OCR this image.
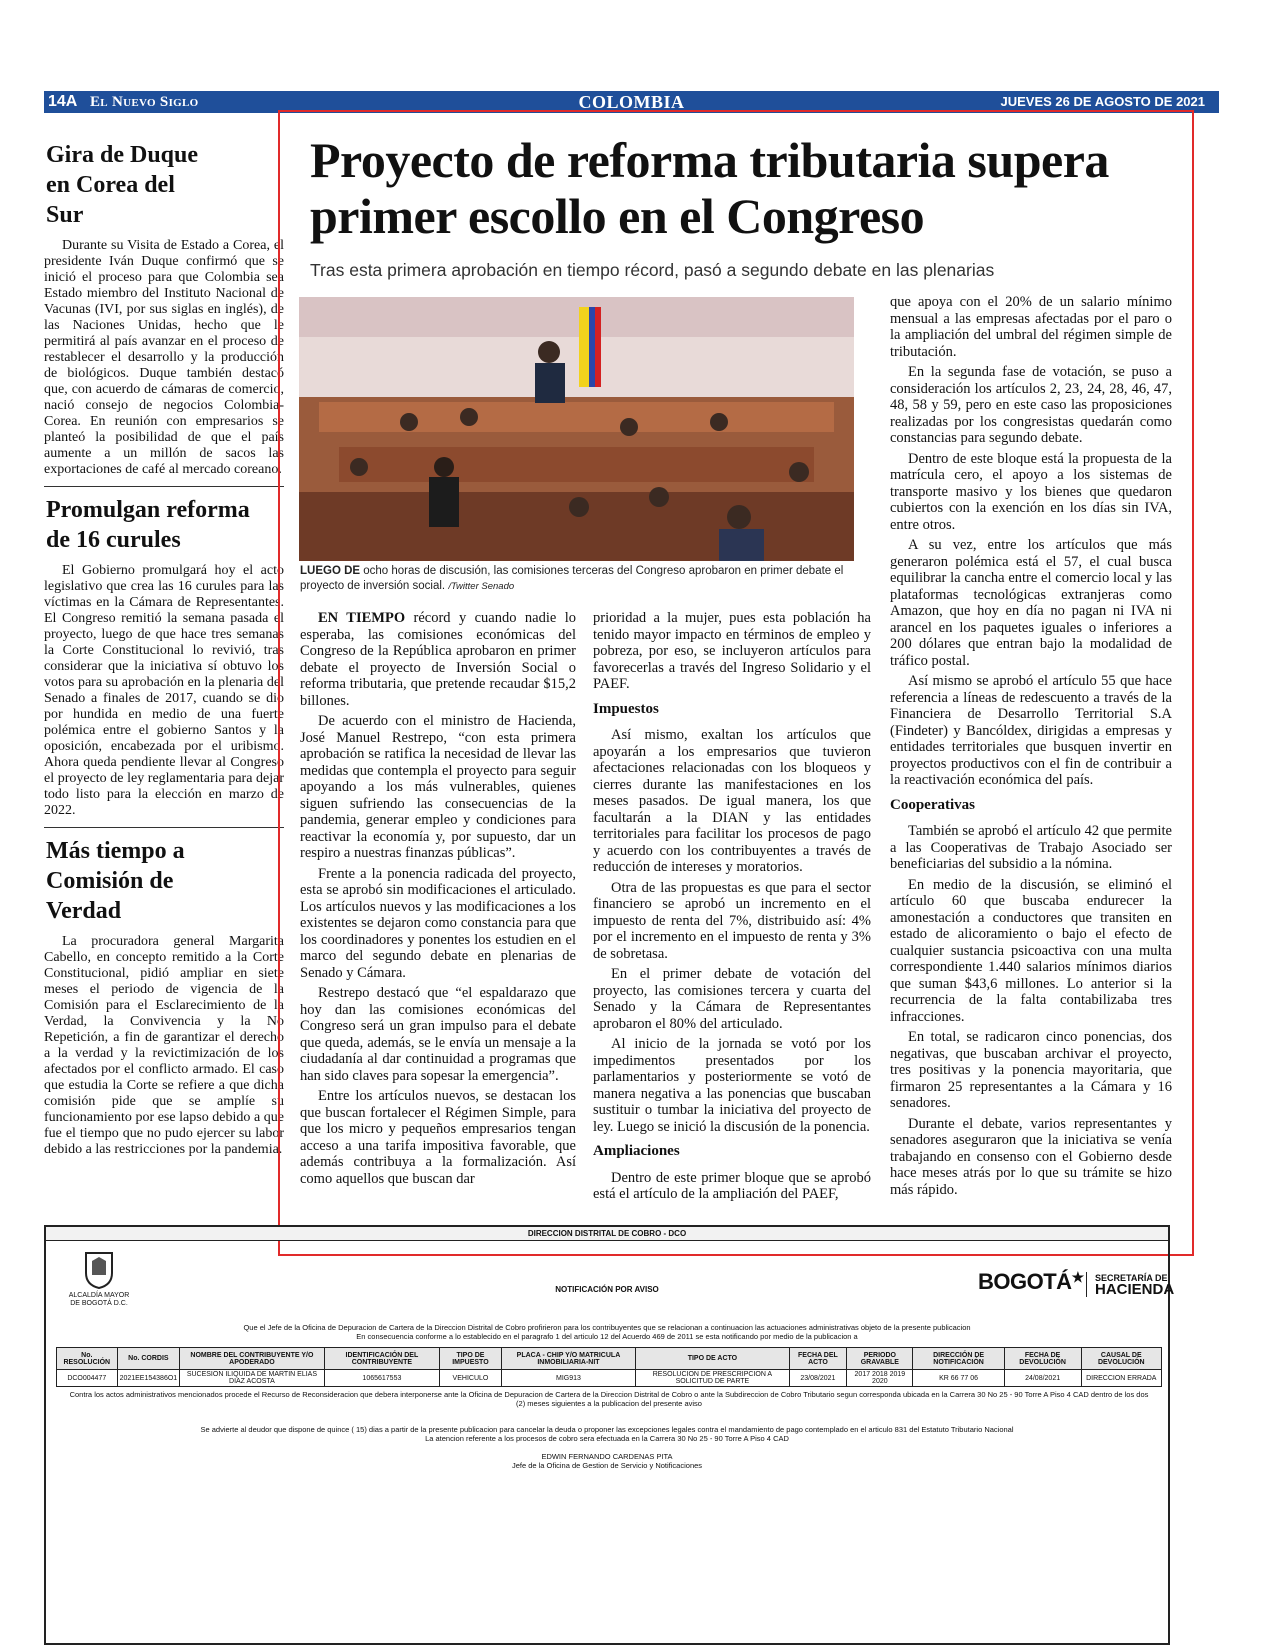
14A El Nuevo Siglo	COLOMBIA	JUEVES 26 DE AGOSTO DE 2021
Gira de Duque en Corea del Sur

Durante su Visita de Estado a Corea, el presidente Iván Duque confirmó que se inició el proceso para que Colombia sea Estado miembro del Instituto Nacional de Vacunas (IVI, por sus siglas en inglés), de las Naciones Unidas, hecho que le permitirá al país avanzar en el proceso de restablecer el desarrollo y la producción de biológicos. Duque también destacó que, con acuerdo de cámaras de comercio, nació consejo de negocios Colombia-Corea. En reunión con empresarios se planteó la posibilidad de que el país aumente a un millón de sacos las exportaciones de café al mercado coreano.

Promulgan reforma de 16 curules

El Gobierno promulgará hoy el acto legislativo que crea las 16 curules para las víctimas en la Cámara de Representantes. El Congreso remitió la semana pasada el proyecto, luego de que hace tres semanas la Corte Constitucional lo revivió, tras considerar que la iniciativa sí obtuvo los votos para su aprobación en la plenaria del Senado a finales de 2017, cuando se dio por hundida en medio de una fuerte polémica entre el gobierno Santos y la oposición, encabezada por el uribismo. Ahora queda pendiente llevar al Congreso el proyecto de ley reglamentaria para dejar todo listo para la elección en marzo de 2022.

Más tiempo a Comisión de Verdad

La procuradora general Margarita Cabello, en concepto remitido a la Corte Constitucional, pidió ampliar en siete meses el periodo de vigencia de la Comisión para el Esclarecimiento de la Verdad, la Convivencia y la No Repetición, a fin de garantizar el derecho a la verdad y la revictimización de los afectados por el conflicto armado. El caso que estudia la Corte se refiere a que dicha comisión pide que se amplíe su funcionamiento por ese lapso debido a que fue el tiempo que no pudo ejercer su labor debido a las restricciones por la pandemia.

Proyecto de reforma tributaria supera primer escollo en el Congreso
Tras esta primera aprobación en tiempo récord, pasó a segundo debate en las plenarias
LUEGO DE ocho horas de discusión, las comisiones terceras del Congreso aprobaron en primer debate el proyecto de inversión social. /Twitter Senado

EN TIEMPO récord y cuando nadie lo esperaba, las comisiones económicas del Congreso de la República aprobaron en primer debate el proyecto de Inversión Social o reforma tributaria, que pretende recaudar $15,2 billones.

De acuerdo con el ministro de Hacienda, José Manuel Restrepo, “con esta primera aprobación se ratifica la necesidad de llevar las medidas que contempla el proyecto para seguir apoyando a los más vulnerables, quienes siguen sufriendo las consecuencias de la pandemia, generar empleo y condiciones para reactivar la economía y, por supuesto, dar un respiro a nuestras finanzas públicas”.

Frente a la ponencia radicada del proyecto, esta se aprobó sin modificaciones el articulado. Los artículos nuevos y las modificaciones a los existentes se dejaron como constancia para que los coordinadores y ponentes los estudien en el marco del segundo debate en plenarias de Senado y Cámara.

Restrepo destacó que “el espaldarazo que hoy dan las comisiones económicas del Congreso será un gran impulso para el debate que queda, además, se le envía un mensaje a la ciudadanía al dar continuidad a programas que han sido claves para sopesar la emergencia”.

Entre los artículos nuevos, se destacan los que buscan fortalecer el Régimen Simple, para que los micro y pequeños empresarios tengan acceso a una tarifa impositiva favorable, que además contribuya a la formalización. Así como aquellos que buscan dar

prioridad a la mujer, pues esta población ha tenido mayor impacto en términos de empleo y pobreza, por eso, se incluyeron artículos para favorecerlas a través del Ingreso Solidario y el PAEF.

Impuestos

Así mismo, exaltan los artículos que apoyarán a los empresarios que tuvieron afectaciones relacionadas con los bloqueos y cierres durante las manifestaciones en los meses pasados. De igual manera, los que facultarán a la DIAN y las entidades territoriales para facilitar los procesos de pago y acuerdo con los contribuyentes a través de reducción de intereses y moratorios.

Otra de las propuestas es que para el sector financiero se aprobó un incremento en el impuesto de renta del 7%, distribuido así: 4% por el incremento en el impuesto de renta y 3% de sobretasa.

En el primer debate de votación del proyecto, las comisiones tercera y cuarta del Senado y la Cámara de Representantes aprobaron el 80% del articulado.

Al inicio de la jornada se votó por los impedimentos presentados por los parlamentarios y posteriormente se votó de manera negativa a las ponencias que buscaban sustituir o tumbar la iniciativa del proyecto de ley. Luego se inició la discusión de la ponencia.

Ampliaciones

Dentro de este primer bloque que se aprobó está el artículo de la ampliación del PAEF,

que apoya con el 20% de un salario mínimo mensual a las empresas afectadas por el paro o la ampliación del umbral del régimen simple de tributación.

En la segunda fase de votación, se puso a consideración los artículos 2, 23, 24, 28, 46, 47, 48, 58 y 59, pero en este caso las proposiciones realizadas por los congresistas quedarán como constancias para segundo debate.

Dentro de este bloque está la propuesta de la matrícula cero, el apoyo a los sistemas de transporte masivo y los bienes que quedaron cubiertos con la exención en los días sin IVA, entre otros.

A su vez, entre los artículos que más generaron polémica está el 57, el cual busca equilibrar la cancha entre el comercio local y las plataformas tecnológicas extranjeras como Amazon, que hoy en día no pagan ni IVA ni arancel en los paquetes iguales o inferiores a 200 dólares que entran bajo la modalidad de tráfico postal.

Así mismo se aprobó el artículo 55 que hace referencia a líneas de redescuento a través de la Financiera de Desarrollo Territorial S.A (Findeter) y Bancóldex, dirigidas a empresas y entidades territoriales que busquen invertir en proyectos productivos con el fin de contribuir a la reactivación económica del país.

Cooperativas

También se aprobó el artículo 42 que permite a las Cooperativas de Trabajo Asociado ser beneficiarias del subsidio a la nómina.

En medio de la discusión, se eliminó el artículo 60 que buscaba endurecer la amonestación a conductores que transiten en estado de alicoramiento o bajo el efecto de cualquier sustancia psicoactiva con una multa correspondiente 1.440 salarios mínimos diarios que suman $43,6 millones. Lo anterior si la recurrencia de la falta contabilizaba tres infracciones.

En total, se radicaron cinco ponencias, dos negativas, que buscaban archivar el proyecto, tres positivas y la ponencia mayoritaria, que firmaron 25 representantes a la Cámara y 16 senadores.

Durante el debate, varios representantes y senadores aseguraron que la iniciativa se venía trabajando en consenso con el Gobierno desde hace meses atrás por lo que su trámite se hizo más rápido.

DIRECCION DISTRITAL DE COBRO - DCO
ALCALDÍA MAYOR DE BOGOTÁ D.C.
NOTIFICACIÓN POR AVISO	BOGOTÁ★ SECRETARÍA DE
HACIENDA
Que el Jefe de la Oficina de Depuracion de Cartera de la Direccion Distrital de Cobro profirieron para los contribuyentes que se relacionan a continuacion las actuaciones administrativas objeto de la presente publicacion
En consecuencia conforme a lo establecido en el paragrafo 1 del articulo 12 del Acuerdo 469 de 2011 se esta notificando por medio de la publicacion a
No. RESOLUCIÓN	No. CORDIS	NOMBRE DEL CONTRIBUYENTE Y/O APODERADO	IDENTIFICACIÓN DEL CONTRIBUYENTE	TIPO DE IMPUESTO	PLACA - CHIP Y/O MATRICULA INMOBILIARIA-NIT	TIPO DE ACTO	FECHA DEL ACTO	PERIODO GRAVABLE	DIRECCIÓN DE NOTIFICACIÓN	FECHA DE DEVOLUCIÓN	CAUSAL DE DEVOLUCIÓN
DCO004477	2021EE154386O1	SUCESION ILIQUIDA DE MARTIN ELIAS DIAZ ACOSTA	1065617553	VEHICULO	MIG913	RESOLUCION DE PRESCRIPCION A SOLICITUD DE PARTE	23/08/2021	2017 2018 2019 2020	KR 66 77 06	24/08/2021	DIRECCION ERRADA
Contra los actos administrativos mencionados procede el Recurso de Reconsideracion que debera interponerse ante la Oficina de Depuracion de Cartera de la Direccion Distrital de Cobro o ante la Subdireccion de Cobro Tributario segun corresponda ubicada en la Carrera 30 No 25 - 90 Torre A Piso 4 CAD dentro de los dos (2) meses siguientes a la publicacion del presente aviso
Se advierte al deudor que dispone de quince ( 15) dias a partir de la presente publicacion para cancelar la deuda o proponer las excepciones legales contra el mandamiento de pago contemplado en el articulo 831 del Estatuto Tributario Nacional
La atencion referente a los procesos de cobro sera efectuada en la Carrera 30 No 25 - 90 Torre A Piso 4 CAD
EDWIN FERNANDO CARDENAS PITA
Jefe de la Oficina de Gestion de Servicio y Notificaciones
